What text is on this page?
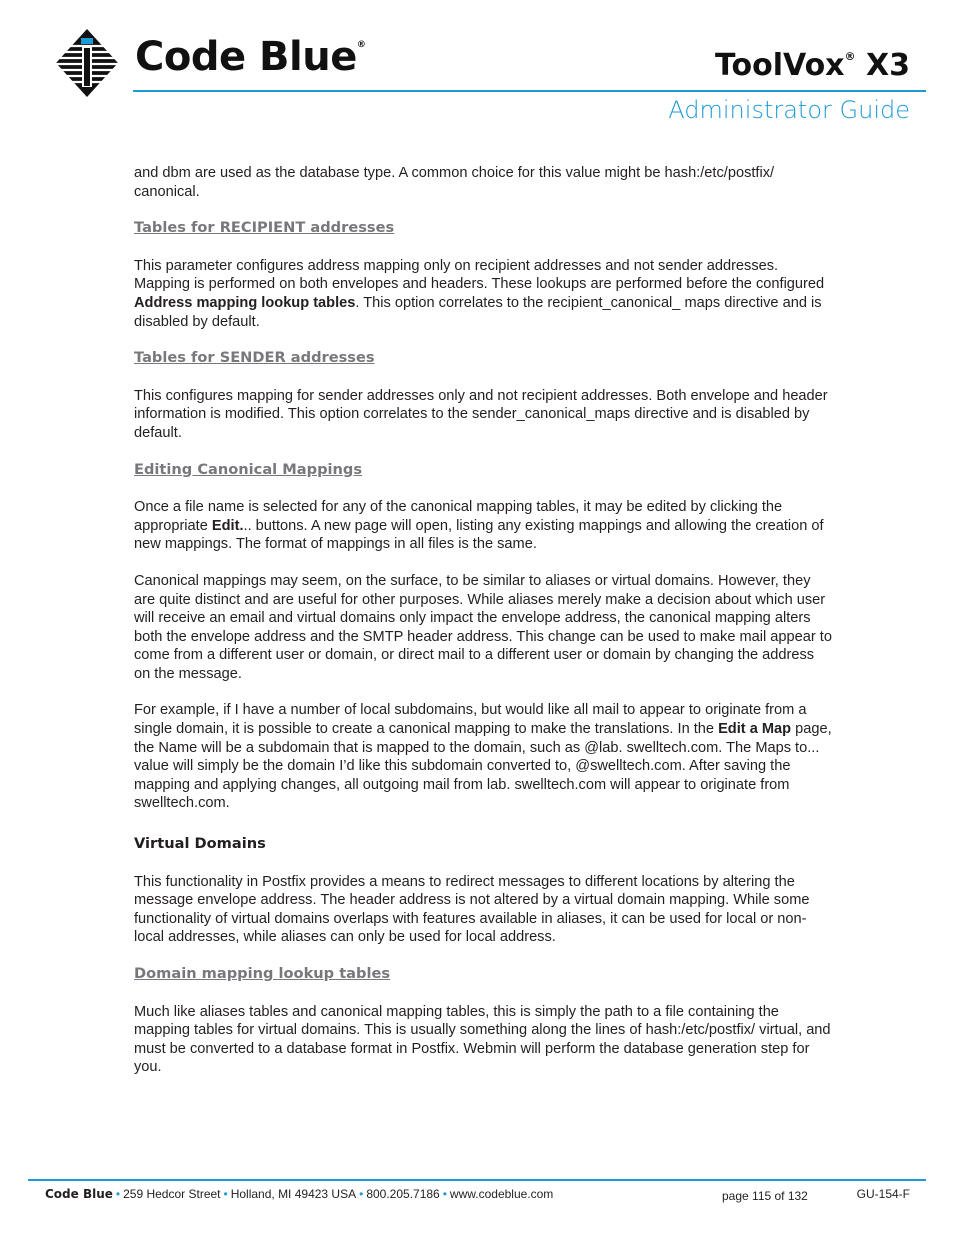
Code Blue®
ToolVox® X3
Administrator Guide

and dbm are used as the database type. A common choice for this value might be hash:/etc/postfix/ canonical.

Tables for RECIPIENT addresses

This parameter configures address mapping only on recipient addresses and not sender addresses. Mapping is performed on both envelopes and headers. These lookups are performed before the configured Address mapping lookup tables. This option correlates to the recipient_canonical_ maps directive and is disabled by default.

Tables for SENDER addresses

This configures mapping for sender addresses only and not recipient addresses. Both envelope and header information is modified. This option correlates to the sender_canonical_maps directive and is disabled by default.

Editing Canonical Mappings

Once a file name is selected for any of the canonical mapping tables, it may be edited by clicking the appropriate Edit... buttons. A new page will open, listing any existing mappings and allowing the creation of new mappings. The format of mappings in all files is the same.

Canonical mappings may seem, on the surface, to be similar to aliases or virtual domains. However, they are quite distinct and are useful for other purposes. While aliases merely make a decision about which user will receive an email and virtual domains only impact the envelope address, the canonical mapping alters both the envelope address and the SMTP header address. This change can be used to make mail appear to come from a different user or domain, or direct mail to a different user or domain by changing the address on the message.

For example, if I have a number of local subdomains, but would like all mail to appear to originate from a single domain, it is possible to create a canonical mapping to make the translations. In the Edit a Map page, the Name will be a subdomain that is mapped to the domain, such as @lab. swelltech.com. The Maps to... value will simply be the domain I’d like this subdomain converted to, @swelltech.com. After saving the mapping and applying changes, all outgoing mail from lab. swelltech.com will appear to originate from swelltech.com.

Virtual Domains

This functionality in Postfix provides a means to redirect messages to different locations by altering the message envelope address. The header address is not altered by a virtual domain mapping. While some functionality of virtual domains overlaps with features available in aliases, it can be used for local or non-local addresses, while aliases can only be used for local address.

Domain mapping lookup tables

Much like aliases tables and canonical mapping tables, this is simply the path to a file containing the mapping tables for virtual domains. This is usually something along the lines of hash:/etc/postfix/ virtual, and must be converted to a database format in Postfix. Webmin will perform the database generation step for you.

Code Blue • 259 Hedcor Street • Holland, MI 49423 USA • 800.205.7186 • www.codeblue.com	page 115 of 132	GU-154-F
